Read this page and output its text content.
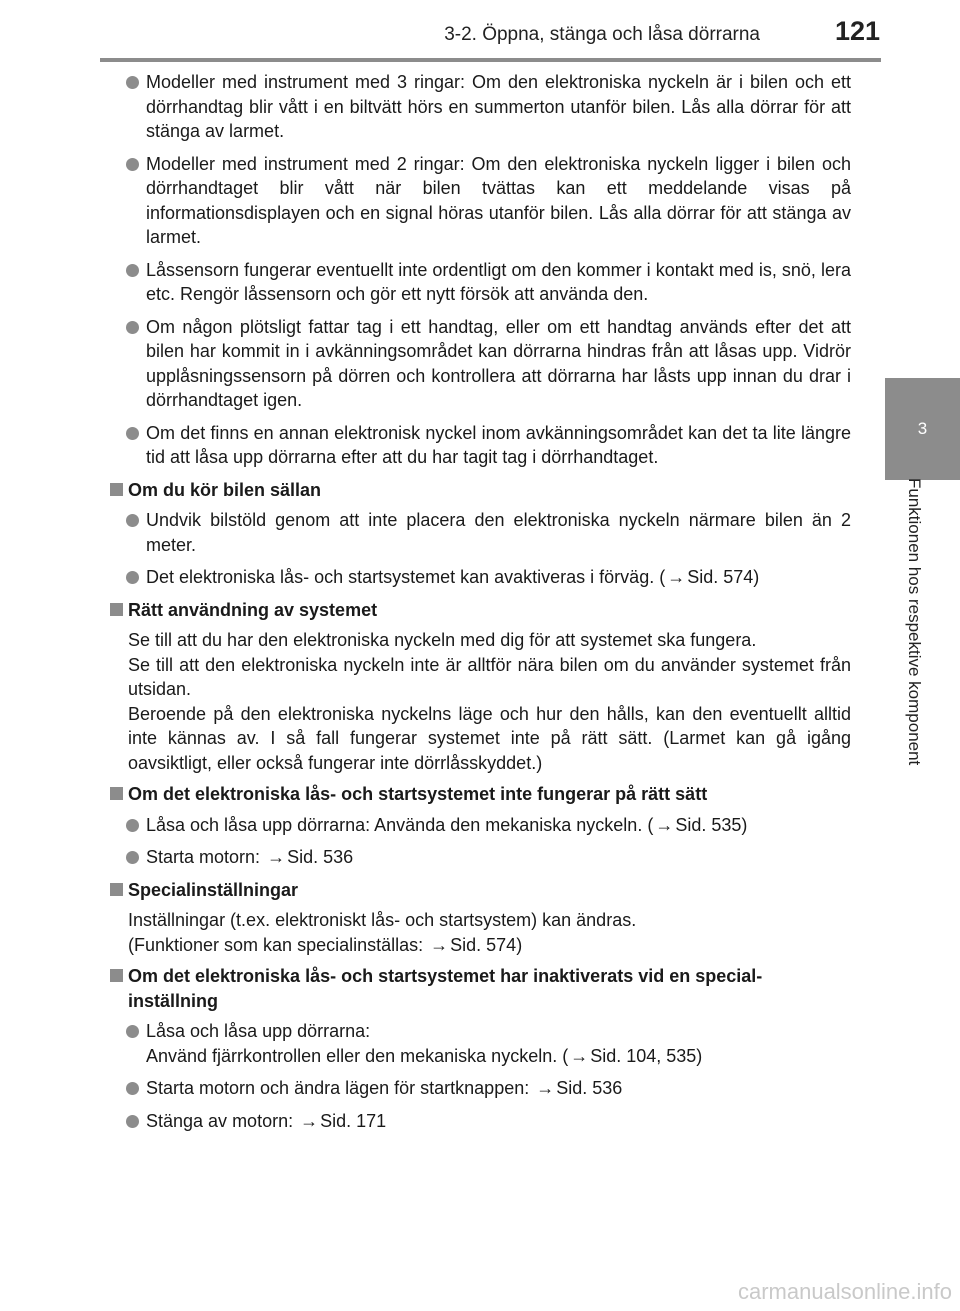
3-2. Öppna, stänga och låsa dörrarna	121
3
Funktionen hos respektive komponent
Modeller med instrument med 3 ringar: Om den elektroniska nyckeln är i bilen och ett dörrhandtag blir vått i en biltvätt hörs en summerton utanför bilen. Lås alla dörrar för att stänga av larmet.
Modeller med instrument med 2 ringar: Om den elektroniska nyckeln ligger i bilen och dörrhandtaget blir vått när bilen tvättas kan ett meddelande visas på informationsdisplayen och en signal höras utanför bilen. Lås alla dörrar för att stänga av larmet.
Låssensorn fungerar eventuellt inte ordentligt om den kommer i kontakt med is, snö, lera etc. Rengör låssensorn och gör ett nytt försök att använda den.
Om någon plötsligt fattar tag i ett handtag, eller om ett handtag används efter det att bilen har kommit in i avkänningsområdet kan dörrarna hindras från att låsas upp. Vidrör upplåsningssensorn på dörren och kontrollera att dörrarna har låsts upp innan du drar i dörrhandtaget igen.
Om det finns en annan elektronisk nyckel inom avkänningsområdet kan det ta lite längre tid att låsa upp dörrarna efter att du har tagit tag i dörrhandtaget.
Om du kör bilen sällan
Undvik bilstöld genom att inte placera den elektroniska nyckeln närmare bilen än 2 meter.
Det elektroniska lås- och startsystemet kan avaktiveras i förväg. ( → Sid. 574)
Rätt användning av systemet
Se till att du har den elektroniska nyckeln med dig för att systemet ska fungera.
Se till att den elektroniska nyckeln inte är alltför nära bilen om du använder systemet från utsidan.
Beroende på den elektroniska nyckelns läge och hur den hålls, kan den eventuellt alltid inte kännas av. I så fall fungerar systemet inte på rätt sätt. (Larmet kan gå igång oavsiktligt, eller också fungerar inte dörrlåsskyddet.)
Om det elektroniska lås- och startsystemet inte fungerar på rätt sätt
Låsa och låsa upp dörrarna: Använda den mekaniska nyckeln. ( → Sid. 535)
Starta motorn: → Sid. 536
Specialinställningar
Inställningar (t.ex. elektroniskt lås- och startsystem) kan ändras.
(Funktioner som kan specialinställas: → Sid. 574)
Om det elektroniska lås- och startsystemet har inaktiverats vid en special-inställning
Låsa och låsa upp dörrarna:
Använd fjärrkontrollen eller den mekaniska nyckeln. ( → Sid. 104, 535)
Starta motorn och ändra lägen för startknappen: → Sid. 536
Stänga av motorn: → Sid. 171
carmanualsonline.info
